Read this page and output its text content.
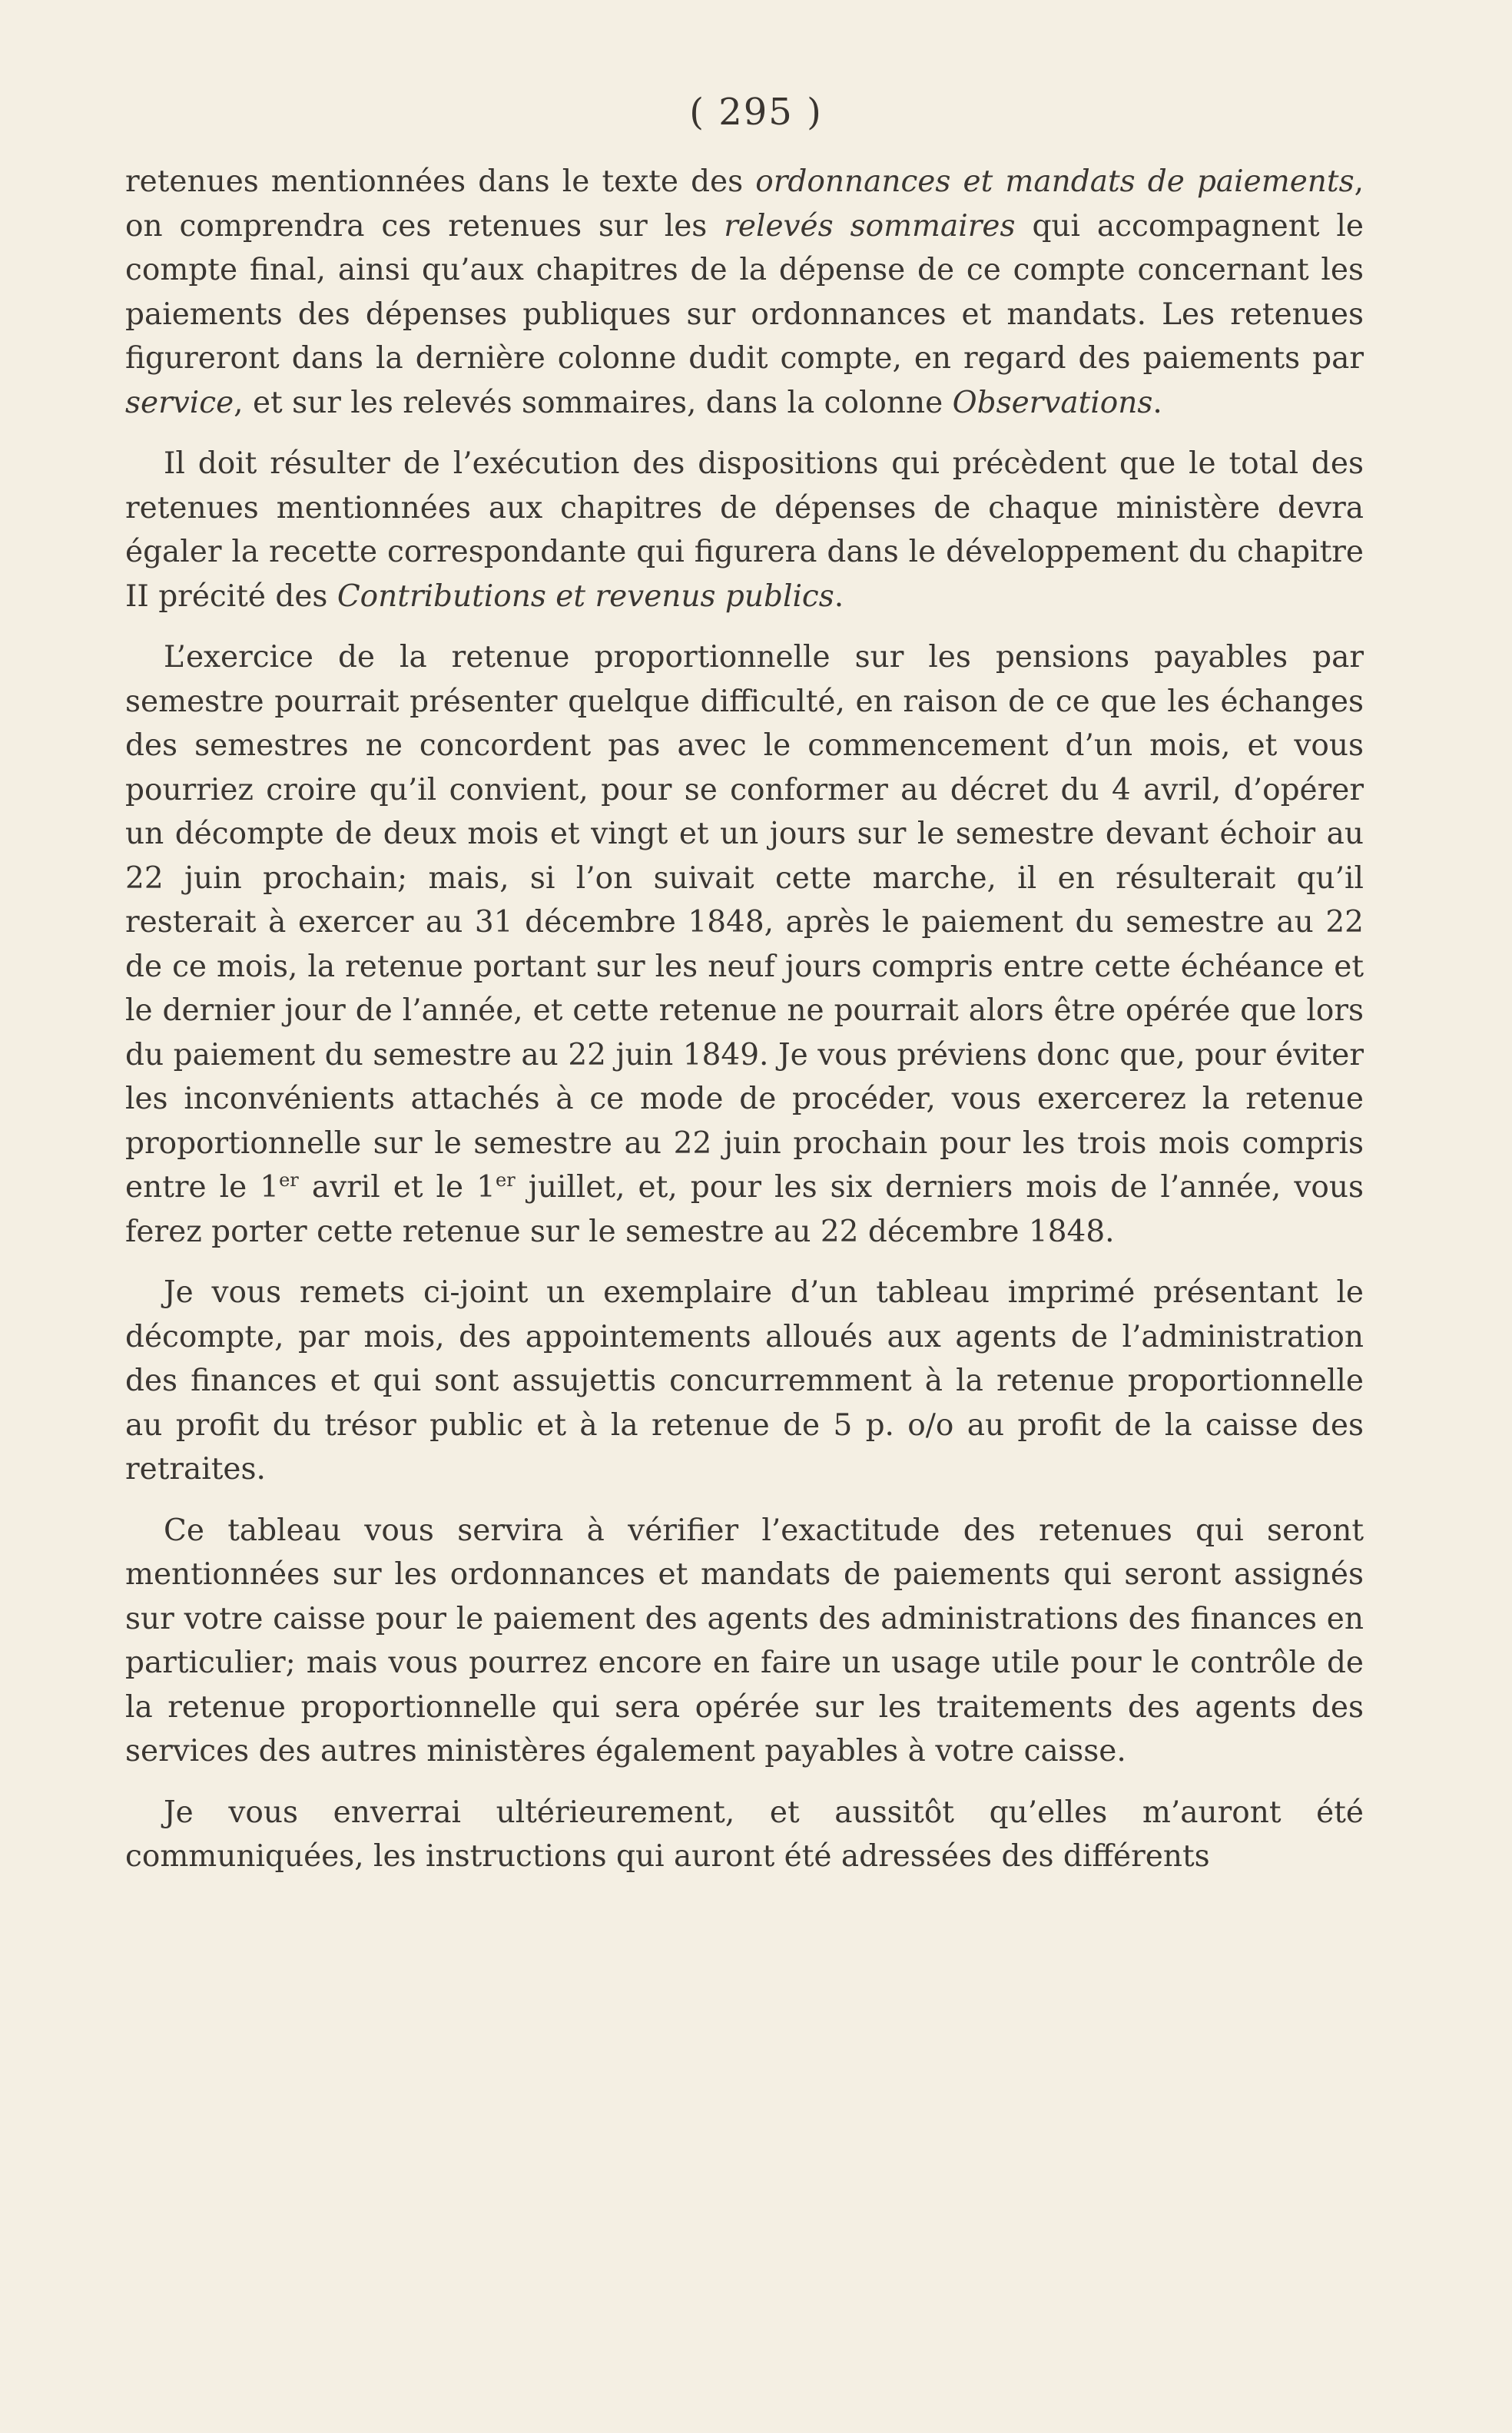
( 295 )

retenues mentionnées dans le texte des ordonnances et mandats de paiements, on comprendra ces retenues sur les relevés sommaires qui accompagnent le compte final, ainsi qu’aux chapitres de la dépense de ce compte concernant les paiements des dépenses publiques sur ordonnances et mandats. Les retenues figureront dans la dernière colonne dudit compte, en regard des paiements par service, et sur les relevés sommaires, dans la colonne Observations.

Il doit résulter de l’exécution des dispositions qui précèdent que le total des retenues mentionnées aux chapitres de dépenses de chaque ministère devra égaler la recette correspondante qui figurera dans le développement du chapitre II précité des Contributions et revenus publics.

L’exercice de la retenue proportionnelle sur les pensions payables par semestre pourrait présenter quelque difficulté, en raison de ce que les échanges des semestres ne concordent pas avec le commencement d’un mois, et vous pourriez croire qu’il convient, pour se conformer au décret du 4 avril, d’opérer un décompte de deux mois et vingt et un jours sur le semestre devant échoir au 22 juin prochain; mais, si l’on suivait cette marche, il en résulterait qu’il resterait à exercer au 31 décembre 1848, après le paiement du semestre au 22 de ce mois, la retenue portant sur les neuf jours compris entre cette échéance et le dernier jour de l’année, et cette retenue ne pourrait alors être opérée que lors du paiement du semestre au 22 juin 1849. Je vous préviens donc que, pour éviter les inconvénients attachés à ce mode de procéder, vous exercerez la retenue proportionnelle sur le semestre au 22 juin prochain pour les trois mois compris entre le 1er avril et le 1er juillet, et, pour les six derniers mois de l’année, vous ferez porter cette retenue sur le semestre au 22 décembre 1848.

Je vous remets ci-joint un exemplaire d’un tableau imprimé présentant le décompte, par mois, des appointements alloués aux agents de l’administration des finances et qui sont assujettis concurremment à la retenue proportionnelle au profit du trésor public et à la retenue de 5 p. o/o au profit de la caisse des retraites.

Ce tableau vous servira à vérifier l’exactitude des retenues qui seront mentionnées sur les ordonnances et mandats de paiements qui seront assignés sur votre caisse pour le paiement des agents des administrations des finances en particulier; mais vous pourrez encore en faire un usage utile pour le contrôle de la retenue proportionnelle qui sera opérée sur les traitements des agents des services des autres ministères également payables à votre caisse.

Je vous enverrai ultérieurement, et aussitôt qu’elles m’auront été communiquées, les instructions qui auront été adressées des différents
